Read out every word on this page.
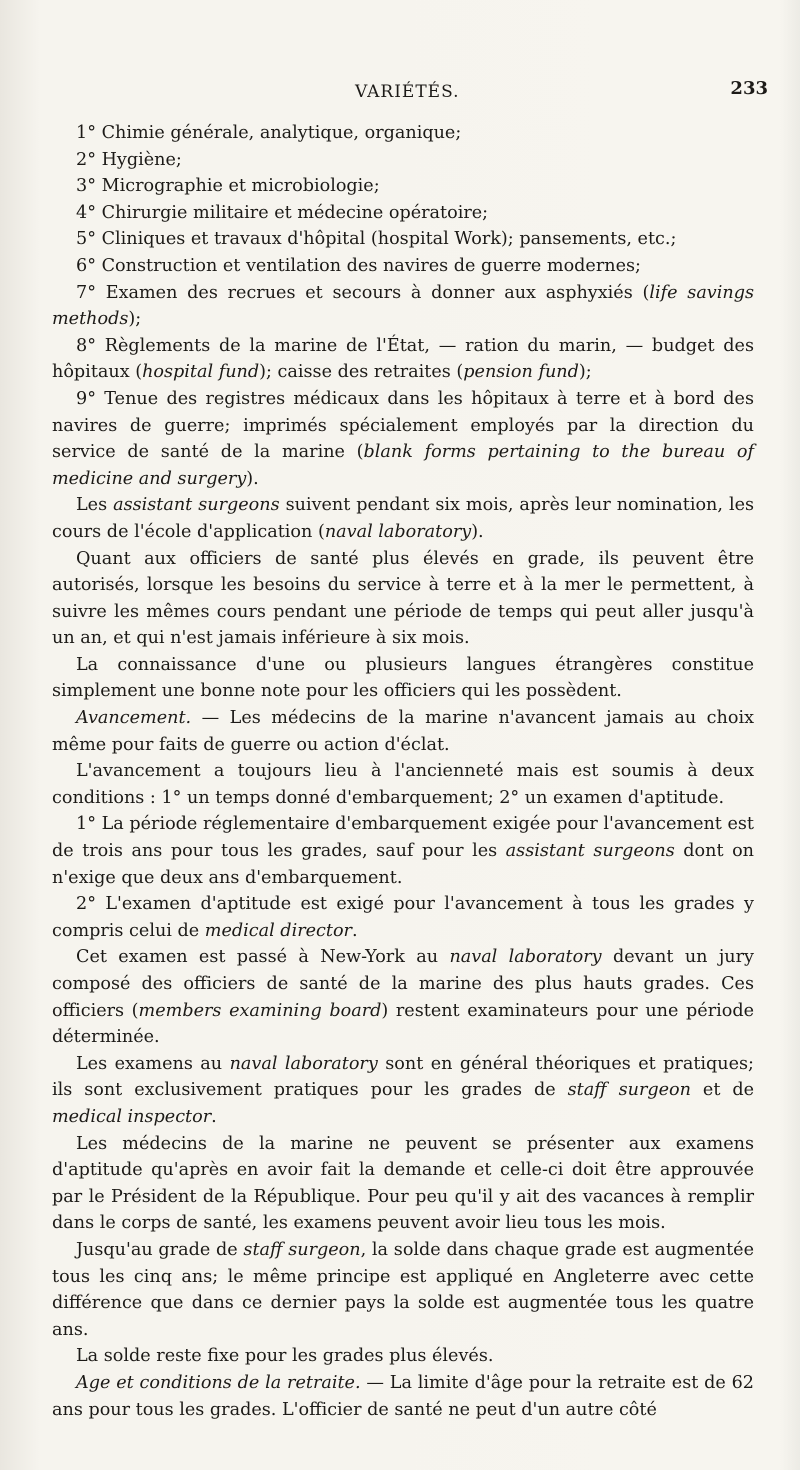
VARIÉTÉS.	233

1° Chimie générale, analytique, organique;

2° Hygiène;

3° Micrographie et microbiologie;

4° Chirurgie militaire et médecine opératoire;

5° Cliniques et travaux d'hôpital (hospital Work); pansements, etc.;

6° Construction et ventilation des navires de guerre modernes;

7° Examen des recrues et secours à donner aux asphyxiés (life savings methods);

8° Règlements de la marine de l'État, — ration du marin, — budget des hôpitaux (hospital fund); caisse des retraites (pension fund);

9° Tenue des registres médicaux dans les hôpitaux à terre et à bord des navires de guerre; imprimés spécialement employés par la direction du service de santé de la marine (blank forms pertaining to the bureau of medicine and surgery).

Les assistant surgeons suivent pendant six mois, après leur nomination, les cours de l'école d'application (naval laboratory).

Quant aux officiers de santé plus élevés en grade, ils peuvent être autorisés, lorsque les besoins du service à terre et à la mer le permettent, à suivre les mêmes cours pendant une période de temps qui peut aller jusqu'à un an, et qui n'est jamais inférieure à six mois.

La connaissance d'une ou plusieurs langues étrangères constitue simplement une bonne note pour les officiers qui les possèdent.

Avancement. — Les médecins de la marine n'avancent jamais au choix même pour faits de guerre ou action d'éclat.

L'avancement a toujours lieu à l'ancienneté mais est soumis à deux conditions : 1° un temps donné d'embarquement; 2° un examen d'aptitude.

1° La période réglementaire d'embarquement exigée pour l'avancement est de trois ans pour tous les grades, sauf pour les assistant surgeons dont on n'exige que deux ans d'embarquement.

2° L'examen d'aptitude est exigé pour l'avancement à tous les grades y compris celui de medical director.

Cet examen est passé à New-York au naval laboratory devant un jury composé des officiers de santé de la marine des plus hauts grades. Ces officiers (members examining board) restent examinateurs pour une période déterminée.

Les examens au naval laboratory sont en général théoriques et pratiques; ils sont exclusivement pratiques pour les grades de staff surgeon et de medical inspector.

Les médecins de la marine ne peuvent se présenter aux examens d'aptitude qu'après en avoir fait la demande et celle-ci doit être approuvée par le Président de la République. Pour peu qu'il y ait des vacances à remplir dans le corps de santé, les examens peuvent avoir lieu tous les mois.

Jusqu'au grade de staff surgeon, la solde dans chaque grade est augmentée tous les cinq ans; le même principe est appliqué en Angleterre avec cette différence que dans ce dernier pays la solde est augmentée tous les quatre ans.

La solde reste fixe pour les grades plus élevés.

Age et conditions de la retraite. — La limite d'âge pour la retraite est de 62 ans pour tous les grades. L'officier de santé ne peut d'un autre côté
